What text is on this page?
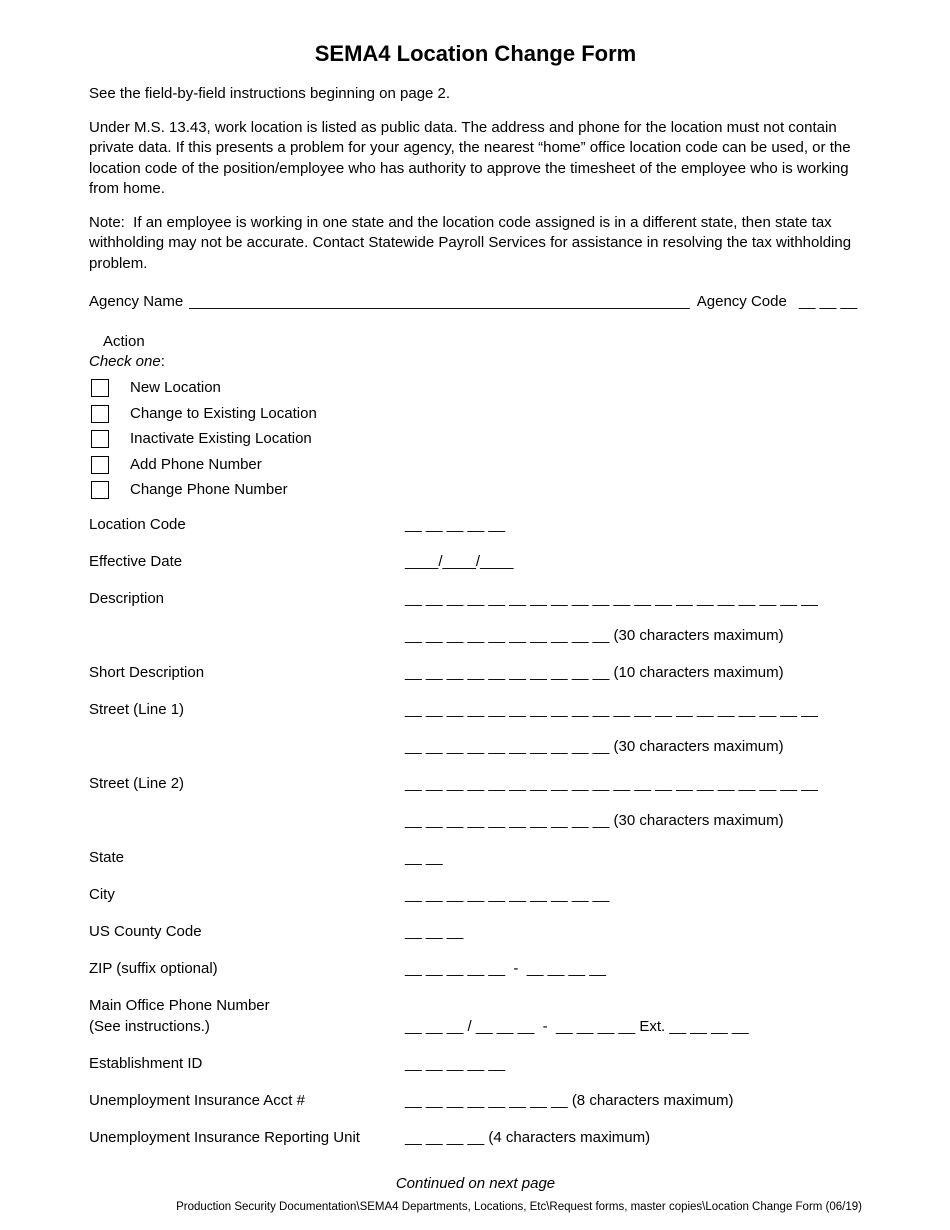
SEMA4 Location Change Form

See the field-by-field instructions beginning on page 2.

Under M.S. 13.43, work location is listed as public data. The address and phone for the location must not contain private data. If this presents a problem for your agency, the nearest “home” office location code can be used, or the location code of the position/employee who has authority to approve the timesheet of the employee who is working from home.

Note:  If an employee is working in one state and the location code assigned is in a different state, then state tax withholding may not be accurate. Contact Statewide Payroll Services for assistance in resolving the tax withholding problem.

Agency Name ____________________________________________________________ Agency Code __ __ __
Action
Check one:
New Location
Change to Existing Location
Inactivate Existing Location
Add Phone Number
Change Phone Number
Location Code	__ __ __ __ __
Effective Date	____/____/____
Description	__ __ __ __ __ __ __ __ __ __ __ __ __ __ __ __ __ __ __ __
__ __ __ __ __ __ __ __ __ __ (30 characters maximum)
Short Description	__ __ __ __ __ __ __ __ __ __ (10 characters maximum)
Street (Line 1)	__ __ __ __ __ __ __ __ __ __ __ __ __ __ __ __ __ __ __ __
__ __ __ __ __ __ __ __ __ __ (30 characters maximum)
Street (Line 2)	__ __ __ __ __ __ __ __ __ __ __ __ __ __ __ __ __ __ __ __
__ __ __ __ __ __ __ __ __ __ (30 characters maximum)
State	__ __
City	__ __ __ __ __ __ __ __ __ __
US County Code	__ __ __
ZIP (suffix optional)	__ __ __ __ __  -  __ __ __ __
Main Office Phone Number
(See instructions.)	__ __ __ / __ __ __  -  __ __ __ __ Ext. __ __ __ __
Establishment ID	__ __ __ __ __
Unemployment Insurance Acct #	__ __ __ __ __ __ __ __ (8 characters maximum)
Unemployment Insurance Reporting Unit	__ __ __ __ (4 characters maximum)
Continued on next page
Production Security Documentation\SEMA4 Departments, Locations, Etc\Request forms, master copies\Location Change Form (06/19)
